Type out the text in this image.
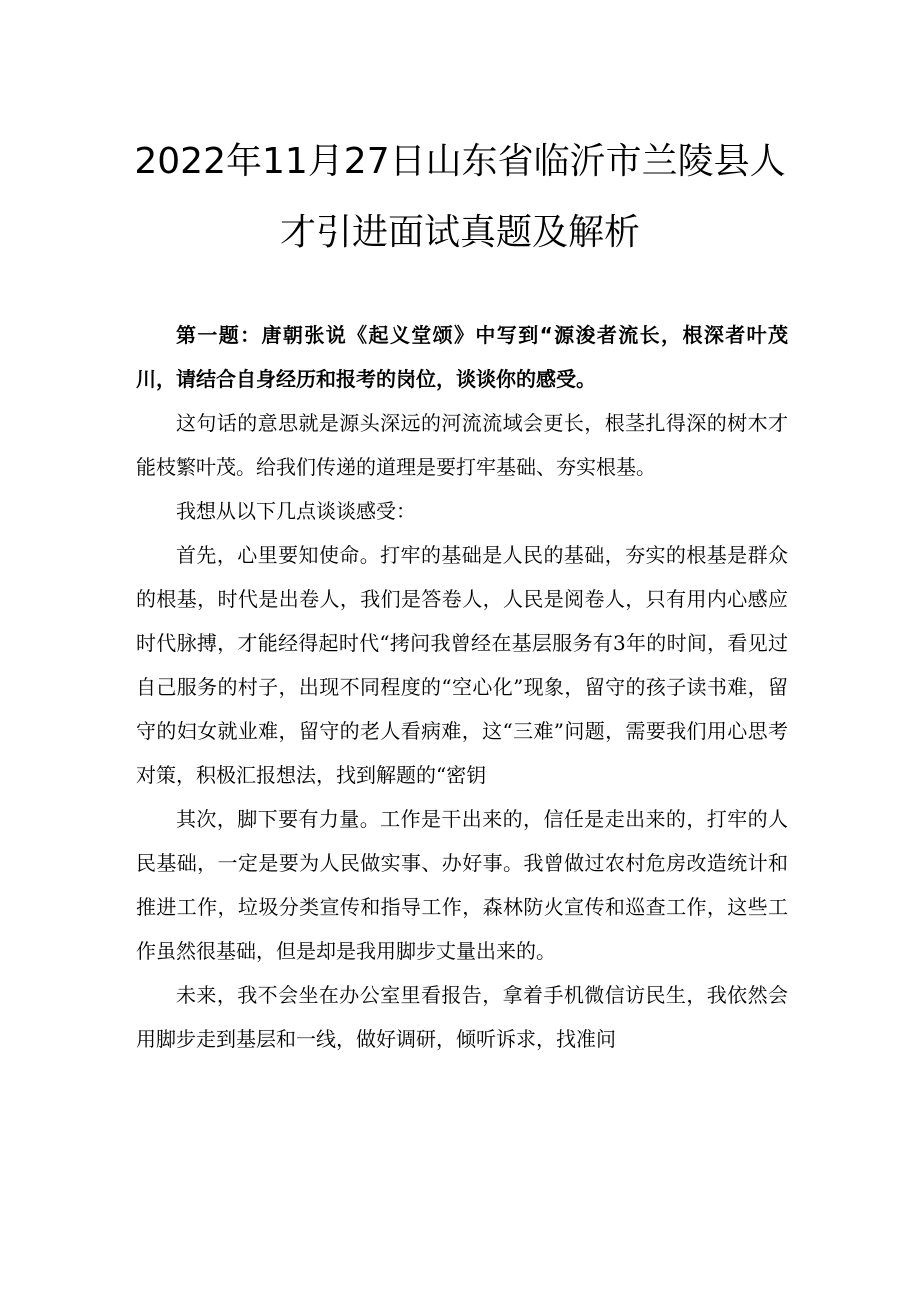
2022年11月27日山东省临沂市兰陵县人
才引进面试真题及解析

第一题：唐朝张说《起义堂颂》中写到“源浚者流长，根深者叶茂川，请结合自身经历和报考的岗位，谈谈你的感受。

这句话的意思就是源头深远的河流流域会更长，根茎扎得深的树木才能枝繁叶茂。给我们传递的道理是要打牢基础、夯实根基。

我想从以下几点谈谈感受：

首先，心里要知使命。打牢的基础是人民的基础，夯实的根基是群众的根基，时代是出卷人，我们是答卷人，人民是阅卷人，只有用内心感应时代脉搏，才能经得起时代“拷问我曾经在基层服务有3年的时间，看见过自己服务的村子，出现不同程度的“空心化”现象，留守的孩子读书难，留守的妇女就业难，留守的老人看病难，这“三难”问题，需要我们用心思考对策，积极汇报想法，找到解题的“密钥

其次，脚下要有力量。工作是干出来的，信任是走出来的，打牢的人民基础，一定是要为人民做实事、办好事。我曾做过农村危房改造统计和推进工作，垃圾分类宣传和指导工作，森林防火宣传和巡查工作，这些工作虽然很基础，但是却是我用脚步丈量出来的。

未来，我不会坐在办公室里看报告，拿着手机微信访民生，我依然会用脚步走到基层和一线，做好调研，倾听诉求，找准问
